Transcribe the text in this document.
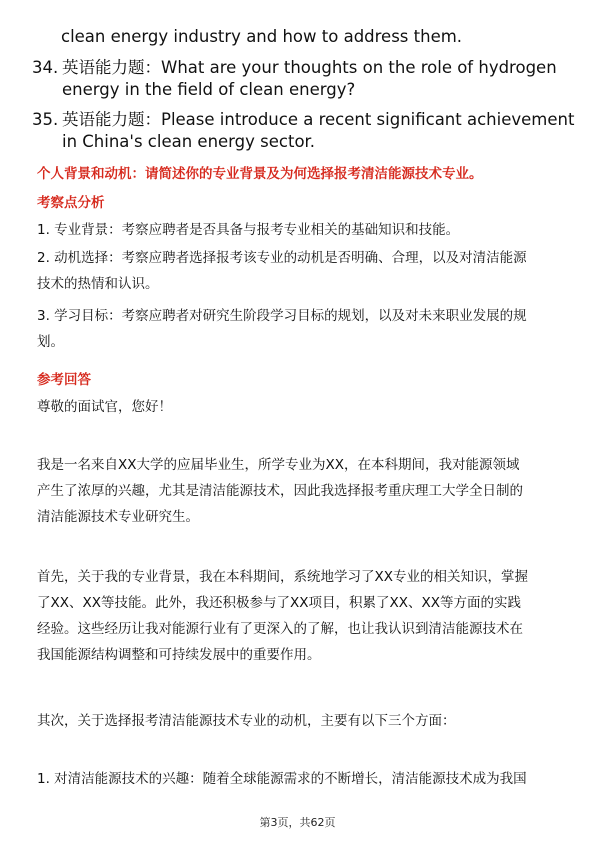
clean energy industry and how to address them.
34. 英语能力题：What are your thoughts on the role of hydrogen
energy in the field of clean energy?
35. 英语能力题：Please introduce a recent significant achievement
in China's clean energy sector.
个人背景和动机：请简述你的专业背景及为何选择报考清洁能源技术专业。
考察点分析
1. 专业背景：考察应聘者是否具备与报考专业相关的基础知识和技能。
2. 动机选择：考察应聘者选择报考该专业的动机是否明确、合理，以及对清洁能源
技术的热情和认识。
3. 学习目标：考察应聘者对研究生阶段学习目标的规划，以及对未来职业发展的规
划。
参考回答
尊敬的面试官，您好！
我是一名来自XX大学的应届毕业生，所学专业为XX，在本科期间，我对能源领域
产生了浓厚的兴趣，尤其是清洁能源技术，因此我选择报考重庆理工大学全日制的
清洁能源技术专业研究生。
首先，关于我的专业背景，我在本科期间，系统地学习了XX专业的相关知识，掌握
了XX、XX等技能。此外，我还积极参与了XX项目，积累了XX、XX等方面的实践
经验。这些经历让我对能源行业有了更深入的了解，也让我认识到清洁能源技术在
我国能源结构调整和可持续发展中的重要作用。
其次，关于选择报考清洁能源技术专业的动机，主要有以下三个方面：
1. 对清洁能源技术的兴趣：随着全球能源需求的不断增长，清洁能源技术成为我国
第3页，共62页
